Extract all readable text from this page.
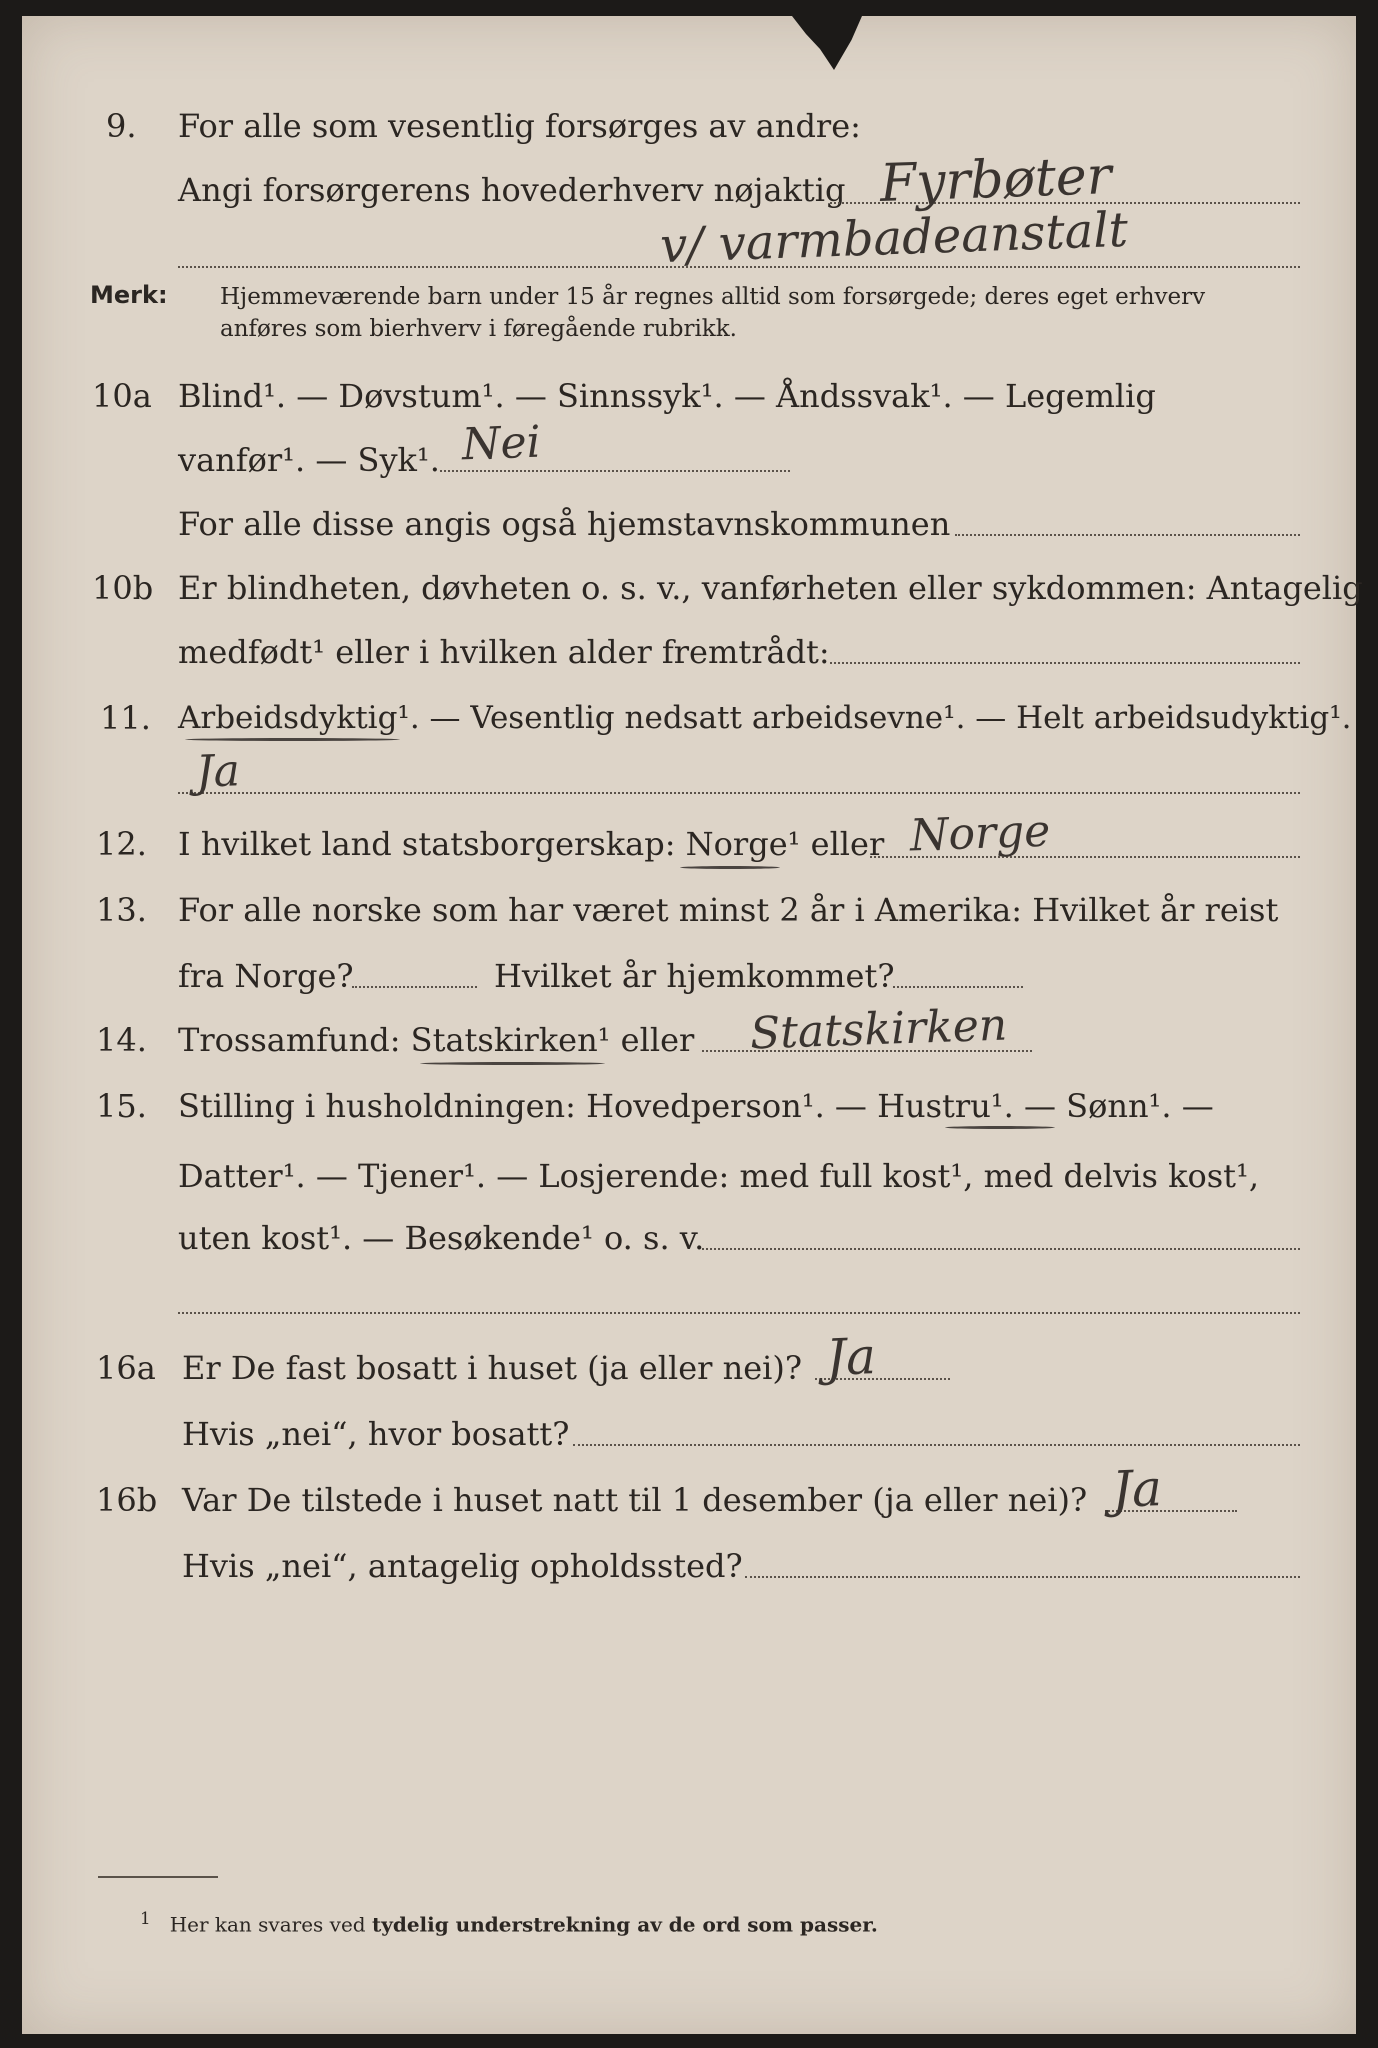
9. For alle som vesentlig forsørges av andre:
Angi forsørgerens hovederhverv nøjaktig Fyrbøter
v/ varmbadeanstalt
Merk: Hjemmeværende barn under 15 år regnes alltid som forsørgede; deres eget erhverv
anføres som bierhverv i føregående rubrikk.
10a Blind¹. — Døvstum¹. — Sinnssyk¹. — Åndssvak¹. — Legemlig
vanfør¹. — Syk¹. Nei
For alle disse angis også hjemstavnskommunen
10b Er blindheten, døvheten o. s. v., vanførheten eller sykdommen: Antagelig
medfødt¹ eller i hvilken alder fremtrådt:
11. Arbeidsdyktig¹. — Vesentlig nedsatt arbeidsevne¹. — Helt arbeidsudyktig¹.
Ja
12. I hvilket land statsborgerskap: Norge¹ eller Norge
13. For alle norske som har været minst 2 år i Amerika: Hvilket år reist
fra Norge?	Hvilket år hjemkommet?
14. Trossamfund: Statskirken¹ eller Statskirken
15. Stilling i husholdningen: Hovedperson¹. — Hustru¹. — Sønn¹. —
Datter¹. — Tjener¹. — Losjerende: med full kost¹, med delvis kost¹,
uten kost¹. — Besøkende¹ o. s. v.
16a Er De fast bosatt i huset (ja eller nei)? Ja
Hvis „nei“, hvor bosatt?
16b Var De tilstede i huset natt til 1 desember (ja eller nei)? Ja
Hvis „nei“, antagelig opholdssted?
$^1$ Her kan svares ved tydelig understrekning av de ord som passer.
